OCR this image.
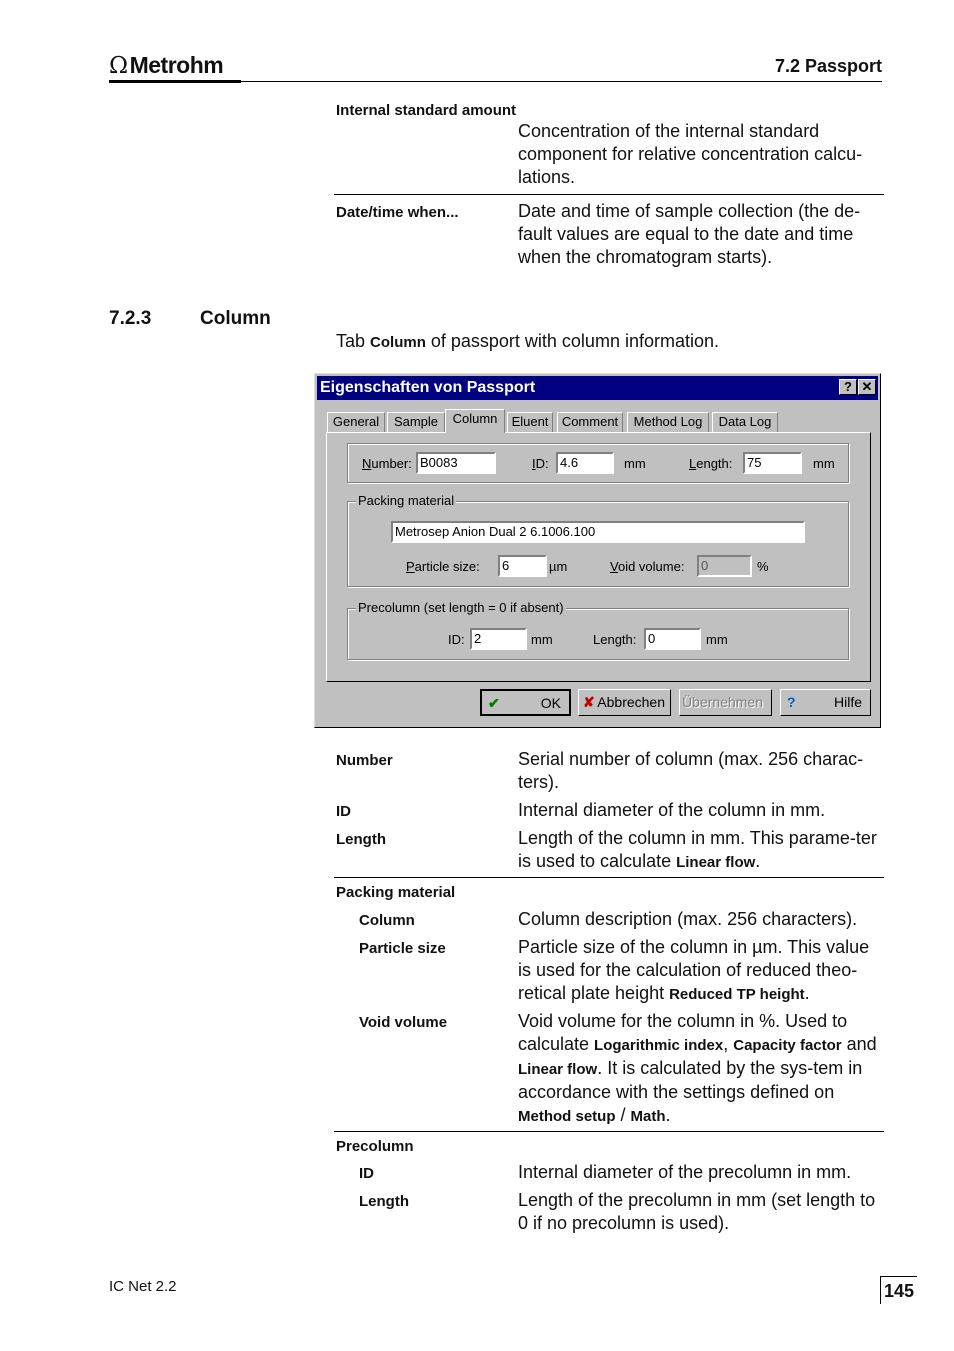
ΩMetrohm	7.2 Passport
Internal standard amount
Concentration of the internal standard component for relative concentration calcu-lations.
Date/time when...	Date and time of sample collection (the de-fault values are equal to the date and time when the chromatogram starts).
7.2.3	Column
Tab Column of passport with column information.
Eigenschaften von Passport	? ✕
General	Sample	Column	Eluent	Comment	Method Log	Data Log
Number: B0083	ID: 4.6	mm	Length:	75	mm
Packing material
Metrosep Anion Dual 2 6.1006.100
Particle size:	6	µm	Void volume:	0	%
Precolumn (set length = 0 if absent)
ID: 2	mm	Length: 0	mm
✔	OK ✘ Abbrechen Übernehmen ?	Hilfe
Number	Serial number of column (max. 256 charac-ters).
ID	Internal diameter of the column in mm.
Length	Length of the column in mm. This parame-ter is used to calculate Linear flow.
Packing material
Column	Column description (max. 256 characters).
Particle size	Particle size of the column in µm. This value is used for the calculation of reduced theo-retical plate height Reduced TP height.
Void volume	Void volume for the column in %. Used to calculate Logarithmic index, Capacity factor and Linear flow. It is calculated by the sys-tem in accordance with the settings defined on Method setup / Math.
Precolumn
ID	Internal diameter of the precolumn in mm.
Length	Length of the precolumn in mm (set length to 0 if no precolumn is used).
IC Net 2.2	145
